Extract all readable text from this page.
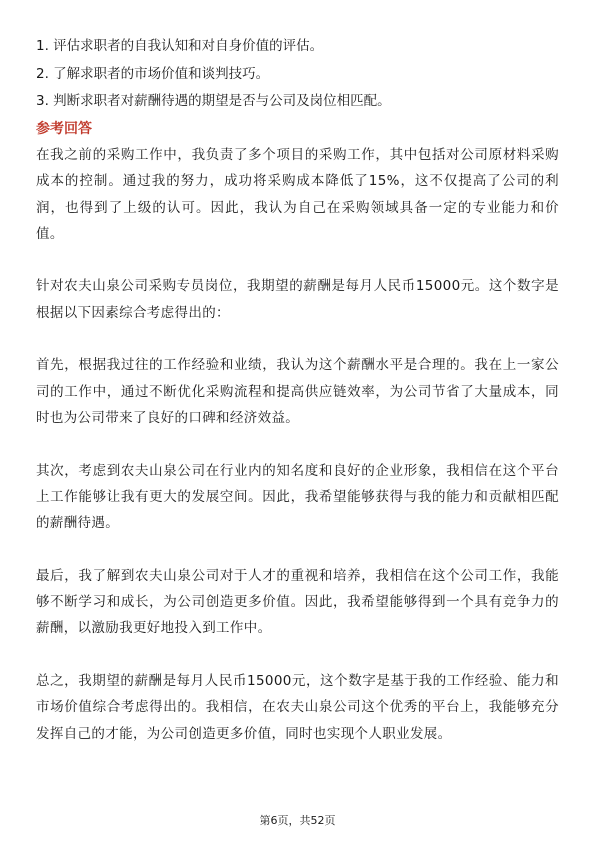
1. 评估求职者的自我认知和对自身价值的评估。

2. 了解求职者的市场价值和谈判技巧。

3. 判断求职者对薪酬待遇的期望是否与公司及岗位相匹配。

参考回答

在我之前的采购工作中，我负责了多个项目的采购工作，其中包括对公司原材料采购成本的控制。通过我的努力，成功将采购成本降低了15%，这不仅提高了公司的利润，也得到了上级的认可。因此，我认为自己在采购领域具备一定的专业能力和价值。

针对农夫山泉公司采购专员岗位，我期望的薪酬是每月人民币15000元。这个数字是根据以下因素综合考虑得出的：

首先，根据我过往的工作经验和业绩，我认为这个薪酬水平是合理的。我在上一家公司的工作中，通过不断优化采购流程和提高供应链效率，为公司节省了大量成本，同时也为公司带来了良好的口碑和经济效益。

其次，考虑到农夫山泉公司在行业内的知名度和良好的企业形象，我相信在这个平台上工作能够让我有更大的发展空间。因此，我希望能够获得与我的能力和贡献相匹配的薪酬待遇。

最后，我了解到农夫山泉公司对于人才的重视和培养，我相信在这个公司工作，我能够不断学习和成长，为公司创造更多价值。因此，我希望能够得到一个具有竞争力的薪酬，以激励我更好地投入到工作中。

总之，我期望的薪酬是每月人民币15000元，这个数字是基于我的工作经验、能力和市场价值综合考虑得出的。我相信，在农夫山泉公司这个优秀的平台上，我能够充分发挥自己的才能，为公司创造更多价值，同时也实现个人职业发展。

第6页，共52页
